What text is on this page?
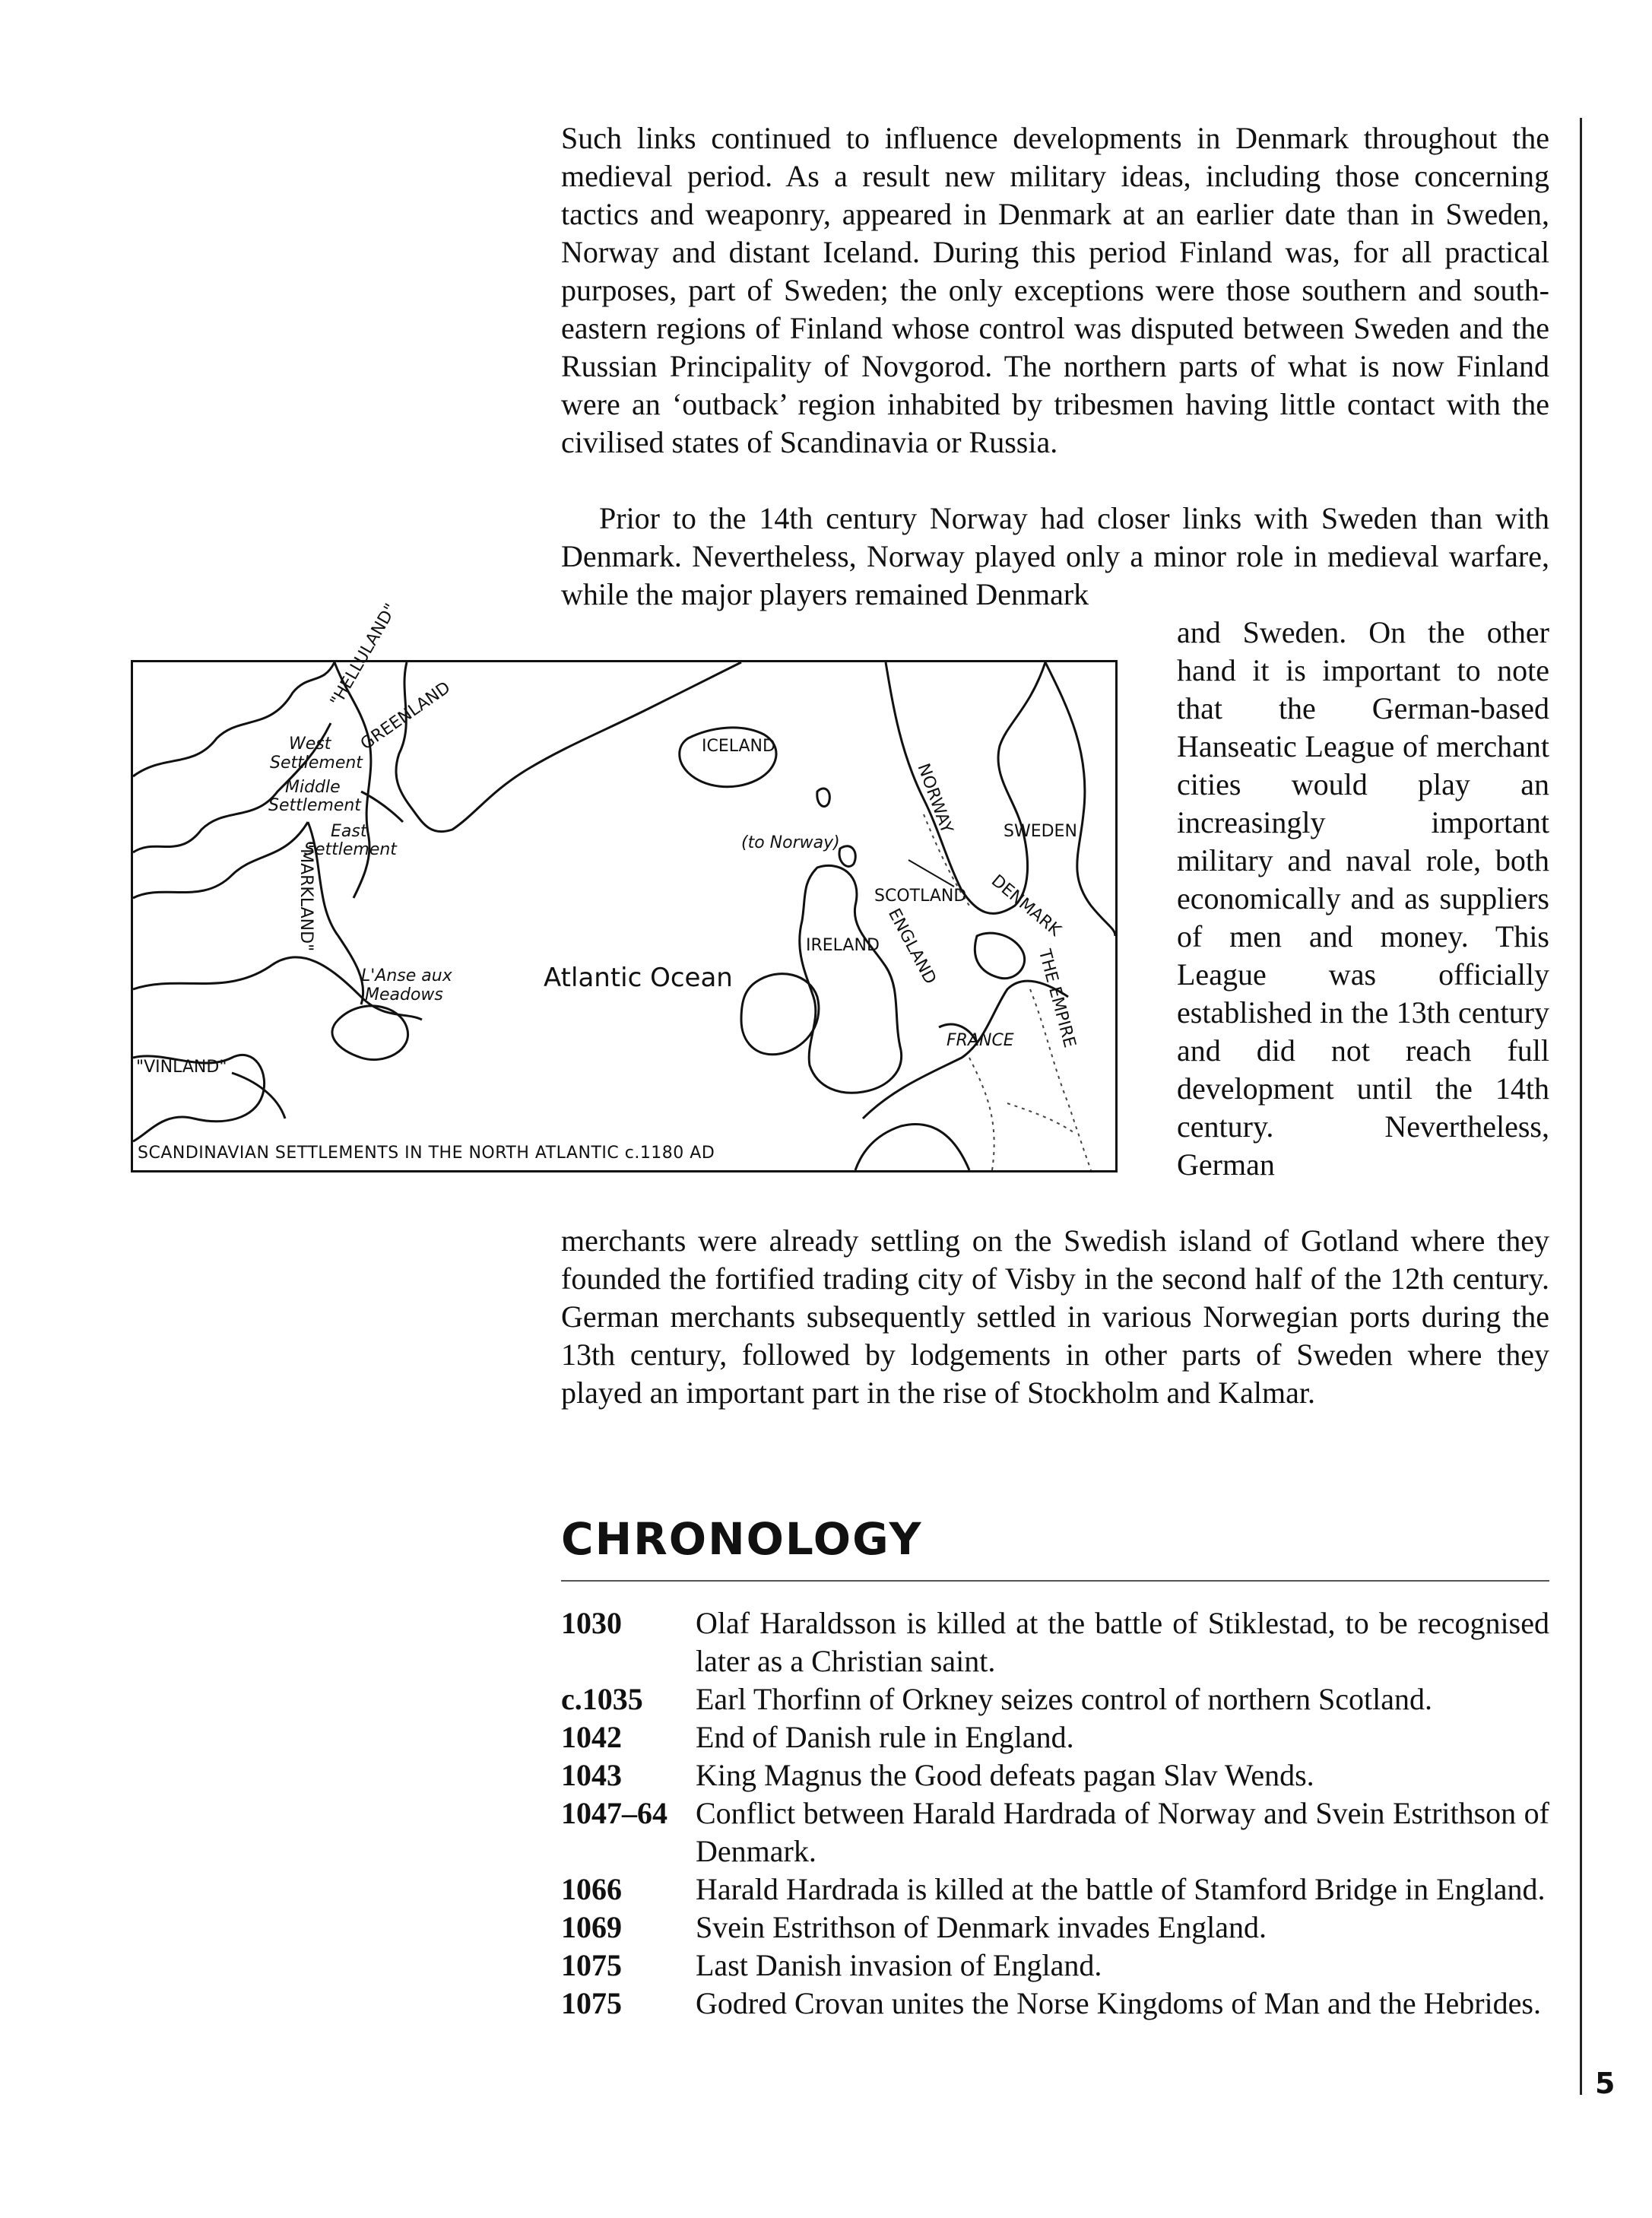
Such links continued to influence developments in Denmark throughout the medieval period. As a result new military ideas, including those concerning tactics and weaponry, appeared in Denmark at an earlier date than in Sweden, Norway and distant Iceland. During this period Finland was, for all practical purposes, part of Sweden; the only exceptions were those southern and south-eastern regions of Finland whose control was disputed between Sweden and the Russian Principality of Novgorod. The northern parts of what is now Finland were an ‘outback’ region inhabited by tribesmen having little contact with the civilised states of Scandinavia or Russia.

Prior to the 14th century Norway had closer links with Sweden than with Denmark. Nevertheless, Norway played only a minor role in medieval warfare, while the major players remained Denmark

and Sweden. On the other hand it is important to note that the German-based Hanseatic League of merchant cities would play an increasingly important military and naval role, both economically and as suppliers of men and money. This League was officially established in the 13th century and did not reach full development until the 14th century. Nevertheless, German

merchants were already settling on the Swedish island of Gotland where they founded the fortified trading city of Visby in the second half of the 12th century. German merchants subsequently settled in various Norwegian ports during the 13th century, followed by lodgements in other parts of Sweden where they played an important part in the rise of Stockholm and Kalmar.

"HELLULAND"
West
Settlement
Middle
Settlement
East
Settlement
GREENLAND	ICELAND
"MARKLAND"
L'Anse aux
Meadows
"VINLAND"
(to Norway)
NORWAY	SWEDEN
SCOTLAND DENMARK
IRELAND ENGLAND
THE EMPIRE
FRANCE
Atlantic Ocean
SCANDINAVIAN SETTLEMENTS IN THE NORTH ATLANTIC c.1180 AD
CHRONOLOGY
1030	Olaf Haraldsson is killed at the battle of Stiklestad, to be recognised later as a Christian saint.
c.1035	Earl Thorfinn of Orkney seizes control of northern Scotland.
1042	End of Danish rule in England.
1043	King Magnus the Good defeats pagan Slav Wends.
1047–64 Conflict between Harald Hardrada of Norway and Svein Estrithson of Denmark.
1066	Harald Hardrada is killed at the battle of Stamford Bridge in England.
1069	Svein Estrithson of Denmark invades England.
1075	Last Danish invasion of England.
1075	Godred Crovan unites the Norse Kingdoms of Man and the Hebrides.
5
